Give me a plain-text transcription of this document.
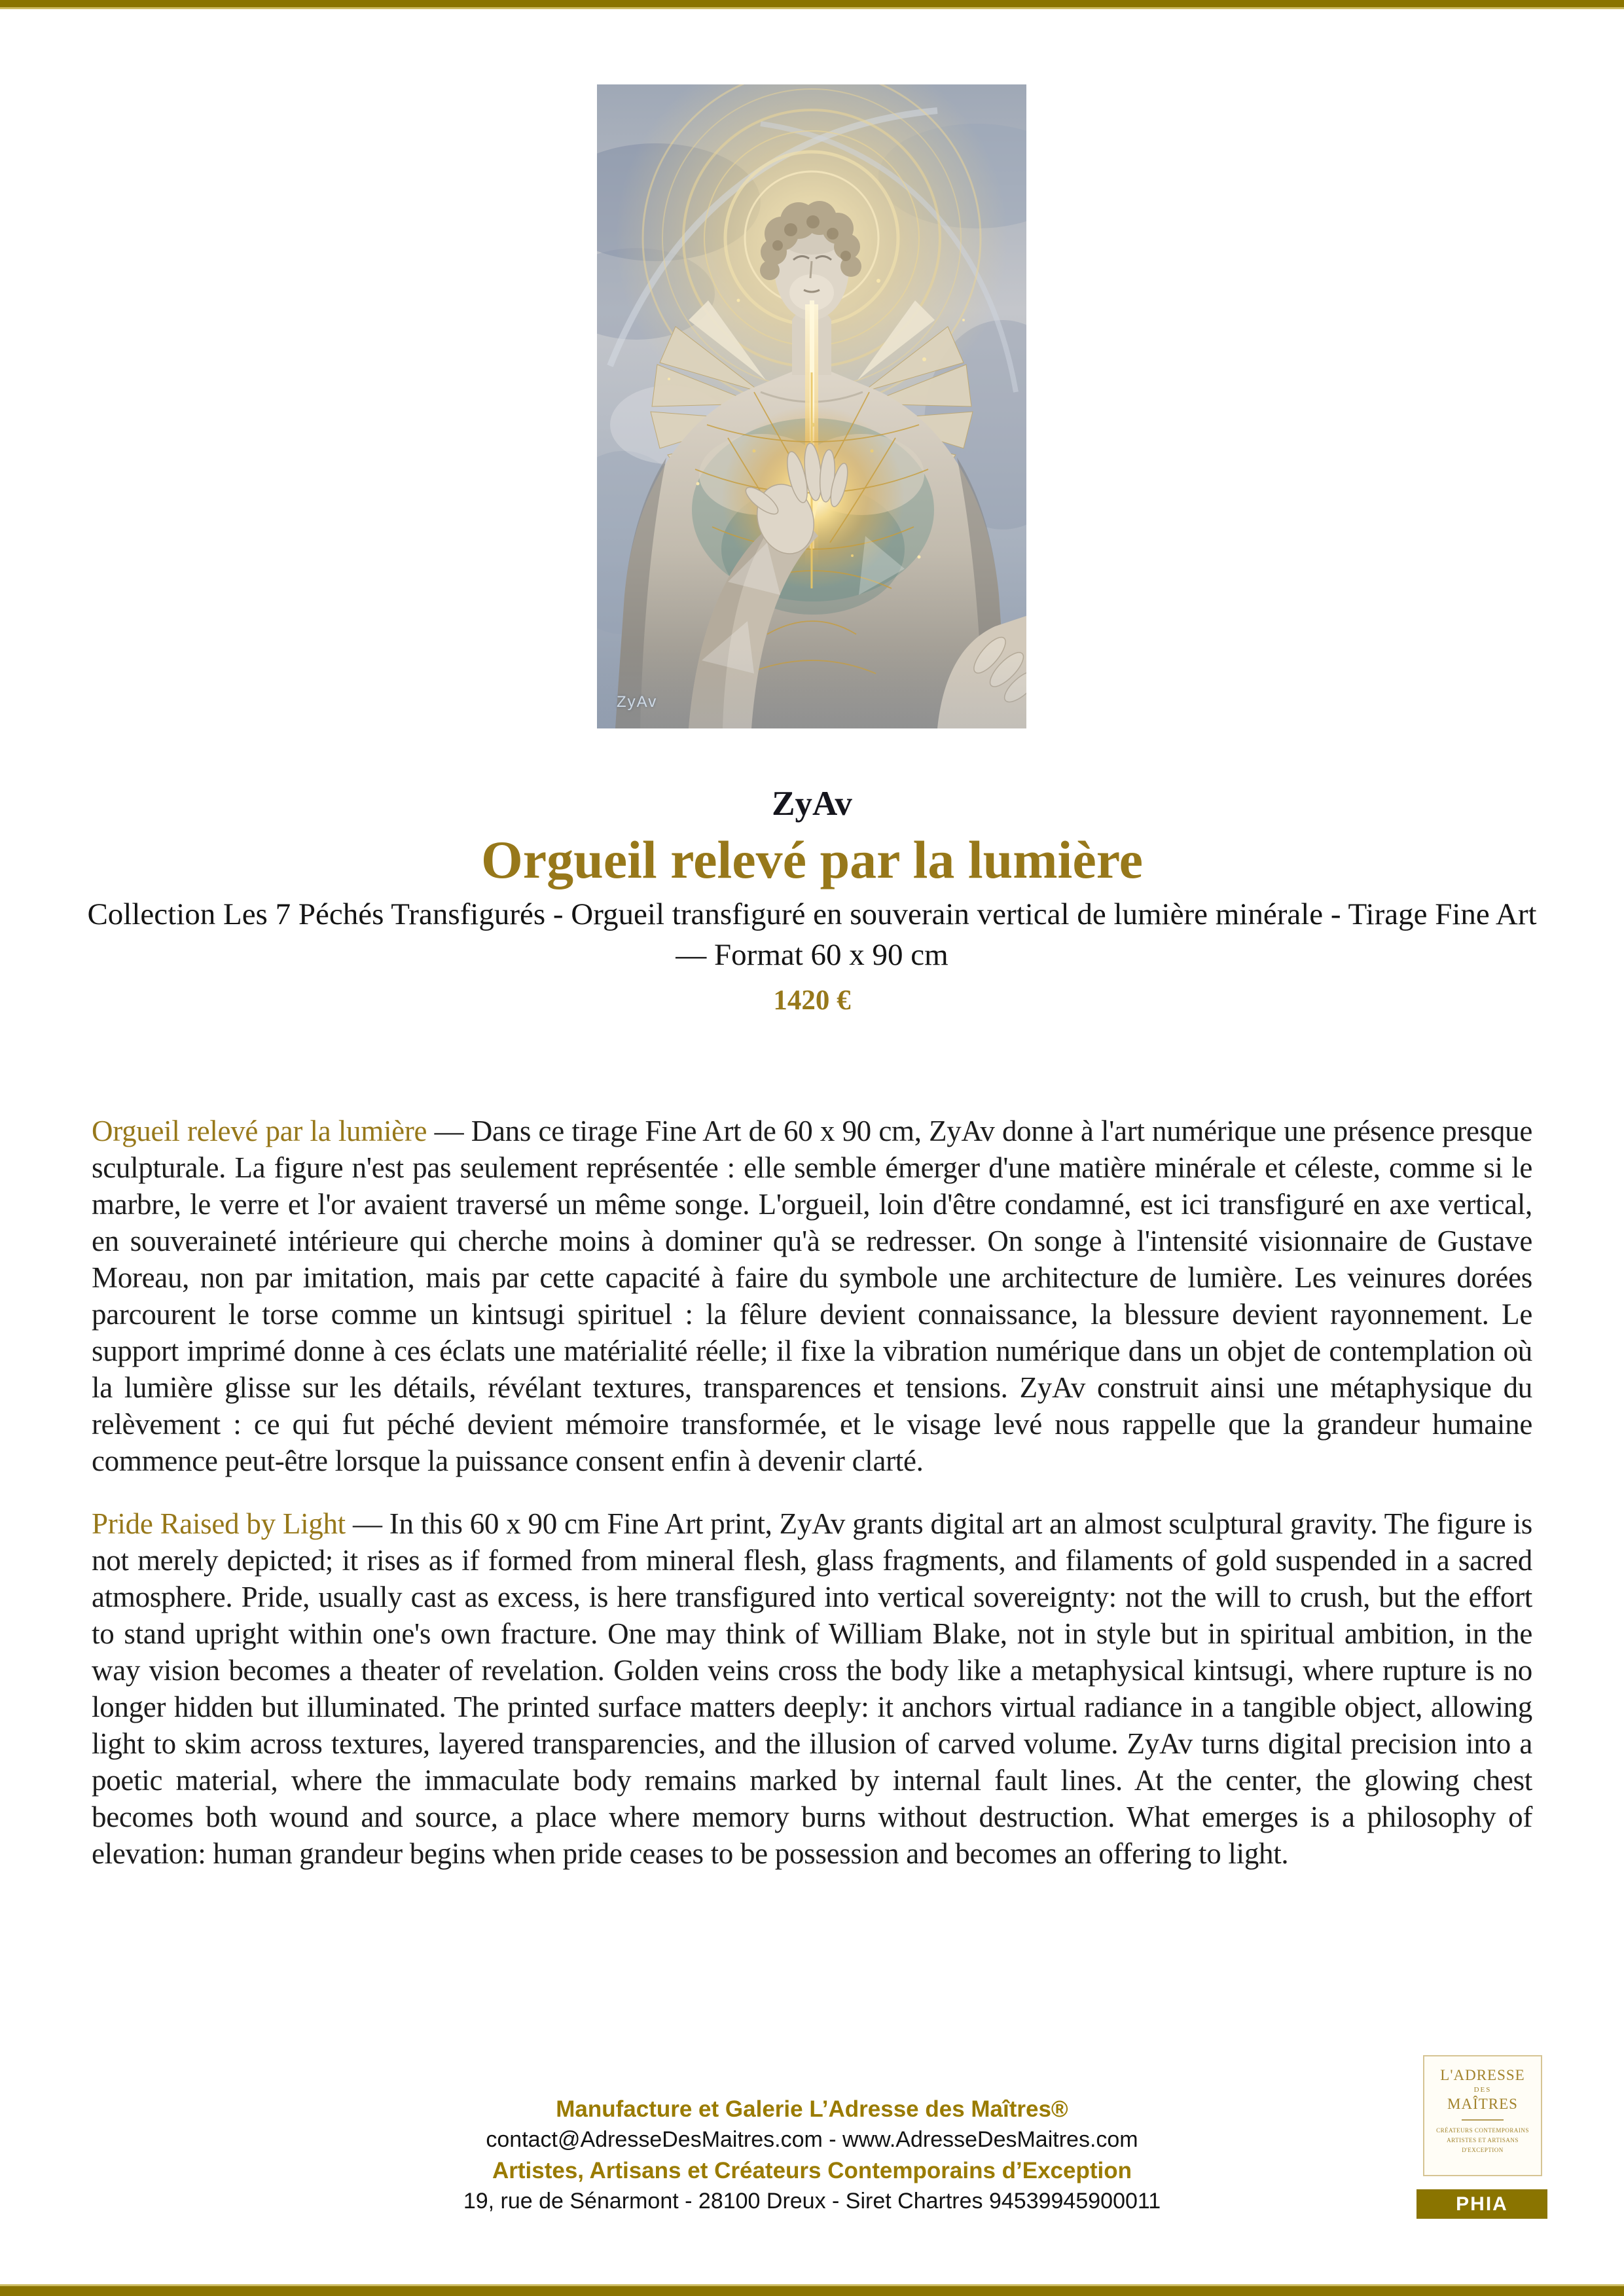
ZyAv
ZyAv
Orgueil relevé par la lumière

Collection Les 7 Péchés Transfigurés - Orgueil transfiguré en souverain vertical de lumière minérale - Tirage Fine Art — Format 60 x 90 cm

1420 €

Orgueil relevé par la lumière — Dans ce tirage Fine Art de 60 x 90 cm, ZyAv donne à l'art numérique une présence presque sculpturale. La figure n'est pas seulement représentée : elle semble émerger d'une matière minérale et céleste, comme si le marbre, le verre et l'or avaient traversé un même songe. L'orgueil, loin d'être condamné, est ici transfiguré en axe vertical, en souveraineté intérieure qui cherche moins à dominer qu'à se redresser. On songe à l'intensité visionnaire de Gustave Moreau, non par imitation, mais par cette capacité à faire du symbole une architecture de lumière. Les veinures dorées parcourent le torse comme un kintsugi spirituel : la fêlure devient connaissance, la blessure devient rayonnement. Le support imprimé donne à ces éclats une matérialité réelle; il fixe la vibration numérique dans un objet de contemplation où la lumière glisse sur les détails, révélant textures, transparences et tensions. ZyAv construit ainsi une métaphysique du relèvement : ce qui fut péché devient mémoire transformée, et le visage levé nous rappelle que la grandeur humaine commence peut-être lorsque la puissance consent enfin à devenir clarté.

Pride Raised by Light — In this 60 x 90 cm Fine Art print, ZyAv grants digital art an almost sculptural gravity. The figure is not merely depicted; it rises as if formed from mineral flesh, glass fragments, and filaments of gold suspended in a sacred atmosphere. Pride, usually cast as excess, is here transfigured into vertical sovereignty: not the will to crush, but the effort to stand upright within one's own fracture. One may think of William Blake, not in style but in spiritual ambition, in the way vision becomes a theater of revelation. Golden veins cross the body like a metaphysical kintsugi, where rupture is no longer hidden but illuminated. The printed surface matters deeply: it anchors virtual radiance in a tangible object, allowing light to skim across textures, layered transparencies, and the illusion of carved volume. ZyAv turns digital precision into a poetic material, where the immaculate body remains marked by internal fault lines. At the center, the glowing chest becomes both wound and source, a place where memory burns without destruction. What emerges is a philosophy of elevation: human grandeur begins when pride ceases to be possession and becomes an offering to light.

Manufacture et Galerie L’Adresse des Maîtres®
contact@AdresseDesMaitres.com - www.AdresseDesMaitres.com
Artistes, Artisans et Créateurs Contemporains d’Exception
19, rue de Sénarmont - 28100 Dreux - Siret Chartres 94539945900011
L'ADRESSE
DES
MAÎTRES
CRÉATEURS CONTEMPORAINS
ARTISTES ET ARTISANS
D'EXCEPTION
PHIA
